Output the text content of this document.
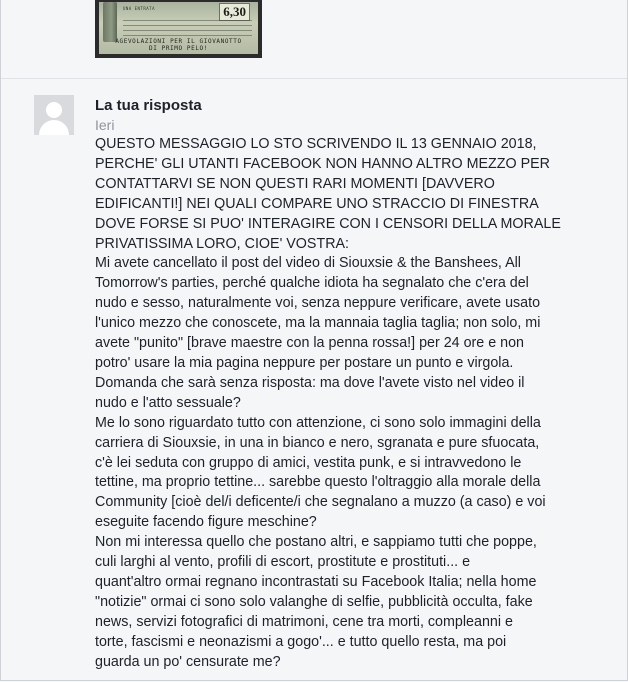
UNA ENTRATA	6,30
AGEVOLAZIONI PER IL GIOVANOTTO
DI PRIMO PELO!

La tua risposta

Ieri

QUESTO MESSAGGIO LO STO SCRIVENDO IL 13 GENNAIO 2018,
PERCHE' GLI UTANTI FACEBOOK NON HANNO ALTRO MEZZO PER
CONTATTARVI SE NON QUESTI RARI MOMENTI [DAVVERO
EDIFICANTI!] NEI QUALI COMPARE UNO STRACCIO DI FINESTRA
DOVE FORSE SI PUO' INTERAGIRE CON I CENSORI DELLA MORALE
PRIVATISSIMA LORO, CIOE' VOSTRA:
Mi avete cancellato il post del video di Siouxsie & the Banshees, All
Tomorrow's parties, perché qualche idiota ha segnalato che c'era del
nudo e sesso, naturalmente voi, senza neppure verificare, avete usato
l'unico mezzo che conoscete, ma la mannaia taglia taglia; non solo, mi
avete "punito" [brave maestre con la penna rossa!] per 24 ore e non
potro' usare la mia pagina neppure per postare un punto e virgola.
Domanda che sarà senza risposta: ma dove l'avete visto nel video il
nudo e l'atto sessuale?
Me lo sono riguardato tutto con attenzione, ci sono solo immagini della
carriera di Siouxsie, in una in bianco e nero, sgranata e pure sfuocata,
c'è lei seduta con gruppo di amici, vestita punk, e si intravvedono le
tettine, ma proprio tettine... sarebbe questo l'oltraggio alla morale della
Community [cioè del/i deficente/i che segnalano a muzzo (a caso) e voi
eseguite facendo figure meschine?
Non mi interessa quello che postano altri, e sappiamo tutti che poppe,
culi larghi al vento, profili di escort, prostitute e prostituti... e
quant'altro ormai regnano incontrastati su Facebook Italia; nella home
"notizie" ormai ci sono solo valanghe di selfie, pubblicità occulta, fake
news, servizi fotografici di matrimoni, cene tra morti, compleanni e
torte, fascismi e neonazismi a gogo'... e tutto quello resta, ma poi
guarda un po' censurate me?
